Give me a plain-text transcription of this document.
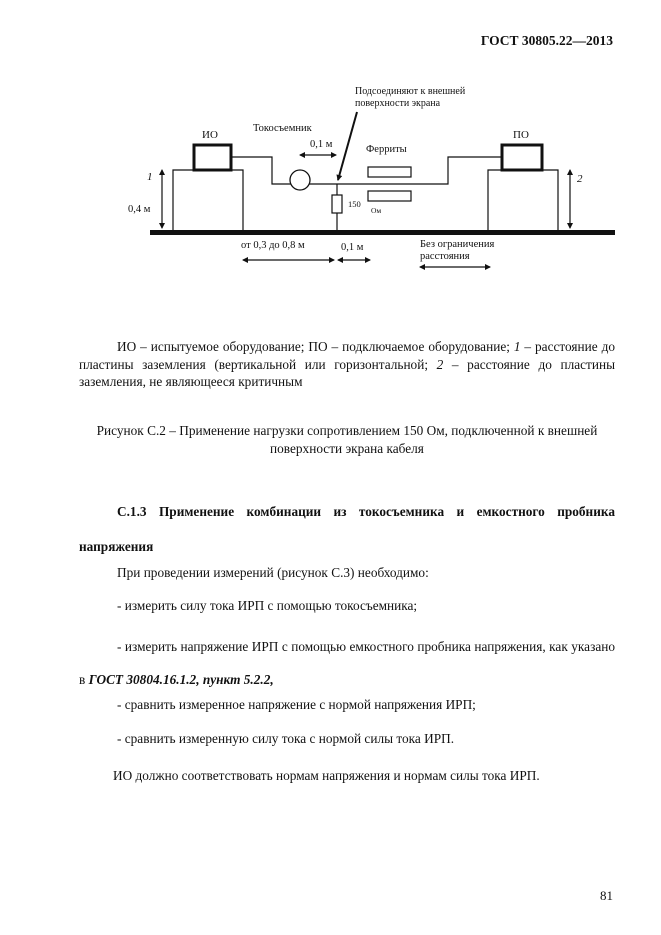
ГОСТ 30805.22—2013
ИО	ПО
Токосъемник
Подсоединяют к внешней
поверхности экрана
0,1 м	Ферриты
150
Ом
1	2
0,4 м
от 0,3 до 0,8 м	0,1 м	Без ограничения
расстояния
ИО – испытуемое оборудование; ПО – подключаемое оборудование; 1 – расстояние до пластины заземления (вертикальной или горизонтальной; 2 – расстояние до пластины заземления, не являющееся критичным
Рисунок С.2 – Применение нагрузки сопротивлением 150 Ом, подключенной к внешней поверхности экрана кабеля
С.1.3 Применение комбинации из токосъемника и емкостного пробника напряжения
При проведении измерений (рисунок С.3) необходимо:
- измерить силу тока ИРП с помощью токосъемника;
- измерить напряжение ИРП с помощью емкостного пробника напряжения, как указано в ГОСТ 30804.16.1.2, пункт 5.2.2,
- сравнить измеренное напряжение с нормой напряжения ИРП;
- сравнить измеренную силу тока с нормой силы тока ИРП.
ИО должно соответствовать нормам напряжения и нормам силы тока ИРП.
81
